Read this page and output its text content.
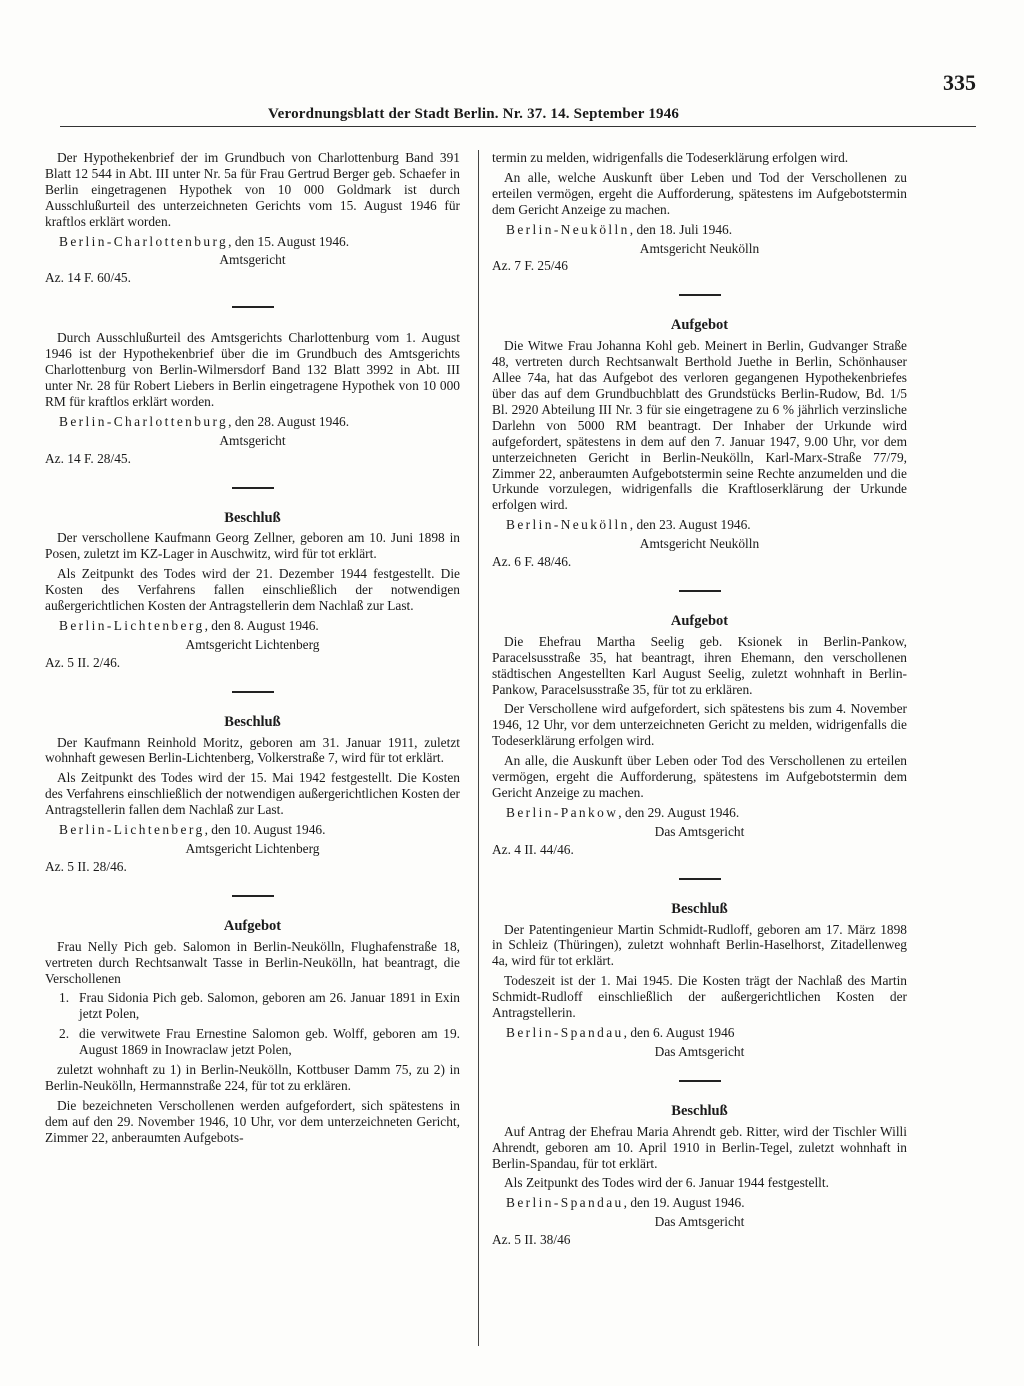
Verordnungsblatt der Stadt Berlin. Nr. 37. 14. September 1946
335

Der Hypothekenbrief der im Grundbuch von Charlottenburg Band 391 Blatt 12 544 in Abt. III unter Nr. 5a für Frau Gertrud Berger geb. Schaefer in Berlin eingetragenen Hypothek von 10 000 Goldmark ist durch Ausschlußurteil des unterzeichneten Gerichts vom 15. August 1946 für kraftlos erklärt worden.

Berlin-Charlottenburg, den 15. August 1946.
Amtsgericht
Az. 14 F. 60/45.

Durch Ausschlußurteil des Amtsgerichts Charlottenburg vom 1. August 1946 ist der Hypothekenbrief über die im Grundbuch des Amtsgerichts Charlottenburg von Berlin-Wilmersdorf Band 132 Blatt 3992 in Abt. III unter Nr. 28 für Robert Liebers in Berlin eingetragene Hypothek von 10 000 RM für kraftlos erklärt worden.

Berlin-Charlottenburg, den 28. August 1946.
Amtsgericht
Az. 14 F. 28/45.
Beschluß

Der verschollene Kaufmann Georg Zellner, geboren am 10. Juni 1898 in Posen, zuletzt im KZ-Lager in Auschwitz, wird für tot erklärt.

Als Zeitpunkt des Todes wird der 21. Dezember 1944 festgestellt. Die Kosten des Verfahrens fallen einschließlich der notwendigen außergerichtlichen Kosten der Antragstellerin dem Nachlaß zur Last.

Berlin-Lichtenberg, den 8. August 1946.
Amtsgericht Lichtenberg
Az. 5 II. 2/46.
Beschluß

Der Kaufmann Reinhold Moritz, geboren am 31. Januar 1911, zuletzt wohnhaft gewesen Berlin-Lichtenberg, Volkerstraße 7, wird für tot erklärt.

Als Zeitpunkt des Todes wird der 15. Mai 1942 festgestellt. Die Kosten des Verfahrens einschließlich der notwendigen außergerichtlichen Kosten der Antragstellerin fallen dem Nachlaß zur Last.

Berlin-Lichtenberg, den 10. August 1946.
Amtsgericht Lichtenberg
Az. 5 II. 28/46.
Aufgebot

Frau Nelly Pich geb. Salomon in Berlin-Neukölln, Flughafenstraße 18, vertreten durch Rechtsanwalt Tasse in Berlin-Neukölln, hat beantragt, die Verschollenen

1. Frau Sidonia Pich geb. Salomon, geboren am 26. Januar 1891 in Exin jetzt Polen,
2. die verwitwete Frau Ernestine Salomon geb. Wolff, geboren am 19. August 1869 in Inowraclaw jetzt Polen,

zuletzt wohnhaft zu 1) in Berlin-Neukölln, Kottbuser Damm 75, zu 2) in Berlin-Neukölln, Hermannstraße 224, für tot zu erklären.

Die bezeichneten Verschollenen werden aufgefordert, sich spätestens in dem auf den 29. November 1946, 10 Uhr, vor dem unterzeichneten Gericht, Zimmer 22, anberaumten Aufgebots-

termin zu melden, widrigenfalls die Todeserklärung erfolgen wird.

An alle, welche Auskunft über Leben und Tod der Verschollenen zu erteilen vermögen, ergeht die Aufforderung, spätestens im Aufgebotstermin dem Gericht Anzeige zu machen.

Berlin-Neukölln, den 18. Juli 1946.
Amtsgericht Neukölln
Az. 7 F. 25/46
Aufgebot

Die Witwe Frau Johanna Kohl geb. Meinert in Berlin, Gudvanger Straße 48, vertreten durch Rechtsanwalt Berthold Juethe in Berlin, Schönhauser Allee 74a, hat das Aufgebot des verloren gegangenen Hypothekenbriefes über das auf dem Grundbuchblatt des Grundstücks Berlin-Rudow, Bd. 1/5 Bl. 2920 Abteilung III Nr. 3 für sie eingetragene zu 6 % jährlich verzinsliche Darlehn von 5000 RM beantragt. Der Inhaber der Urkunde wird aufgefordert, spätestens in dem auf den 7. Januar 1947, 9.00 Uhr, vor dem unterzeichneten Gericht in Berlin-Neukölln, Karl-Marx-Straße 77/79, Zimmer 22, anberaumten Aufgebotstermin seine Rechte anzumelden und die Urkunde vorzulegen, widrigenfalls die Kraftloserklärung der Urkunde erfolgen wird.

Berlin-Neukölln, den 23. August 1946.
Amtsgericht Neukölln
Az. 6 F. 48/46.
Aufgebot

Die Ehefrau Martha Seelig geb. Ksionek in Berlin-Pankow, Paracelsusstraße 35, hat beantragt, ihren Ehemann, den verschollenen städtischen Angestellten Karl August Seelig, zuletzt wohnhaft in Berlin-Pankow, Paracelsusstraße 35, für tot zu erklären.

Der Verschollene wird aufgefordert, sich spätestens bis zum 4. November 1946, 12 Uhr, vor dem unterzeichneten Gericht zu melden, widrigenfalls die Todeserklärung erfolgen wird.

An alle, die Auskunft über Leben oder Tod des Verschollenen zu erteilen vermögen, ergeht die Aufforderung, spätestens im Aufgebotstermin dem Gericht Anzeige zu machen.

Berlin-Pankow, den 29. August 1946.
Das Amtsgericht
Az. 4 II. 44/46.
Beschluß

Der Patentingenieur Martin Schmidt-Rudloff, geboren am 17. März 1898 in Schleiz (Thüringen), zuletzt wohnhaft Berlin-Haselhorst, Zitadellenweg 4a, wird für tot erklärt.

Todeszeit ist der 1. Mai 1945. Die Kosten trägt der Nachlaß des Martin Schmidt-Rudloff einschließlich der außergerichtlichen Kosten der Antragstellerin.

Berlin-Spandau, den 6. August 1946
Das Amtsgericht
Beschluß

Auf Antrag der Ehefrau Maria Ahrendt geb. Ritter, wird der Tischler Willi Ahrendt, geboren am 10. April 1910 in Berlin-Tegel, zuletzt wohnhaft in Berlin-Spandau, für tot erklärt.

Als Zeitpunkt des Todes wird der 6. Januar 1944 festgestellt.

Berlin-Spandau, den 19. August 1946.
Das Amtsgericht
Az. 5 II. 38/46
